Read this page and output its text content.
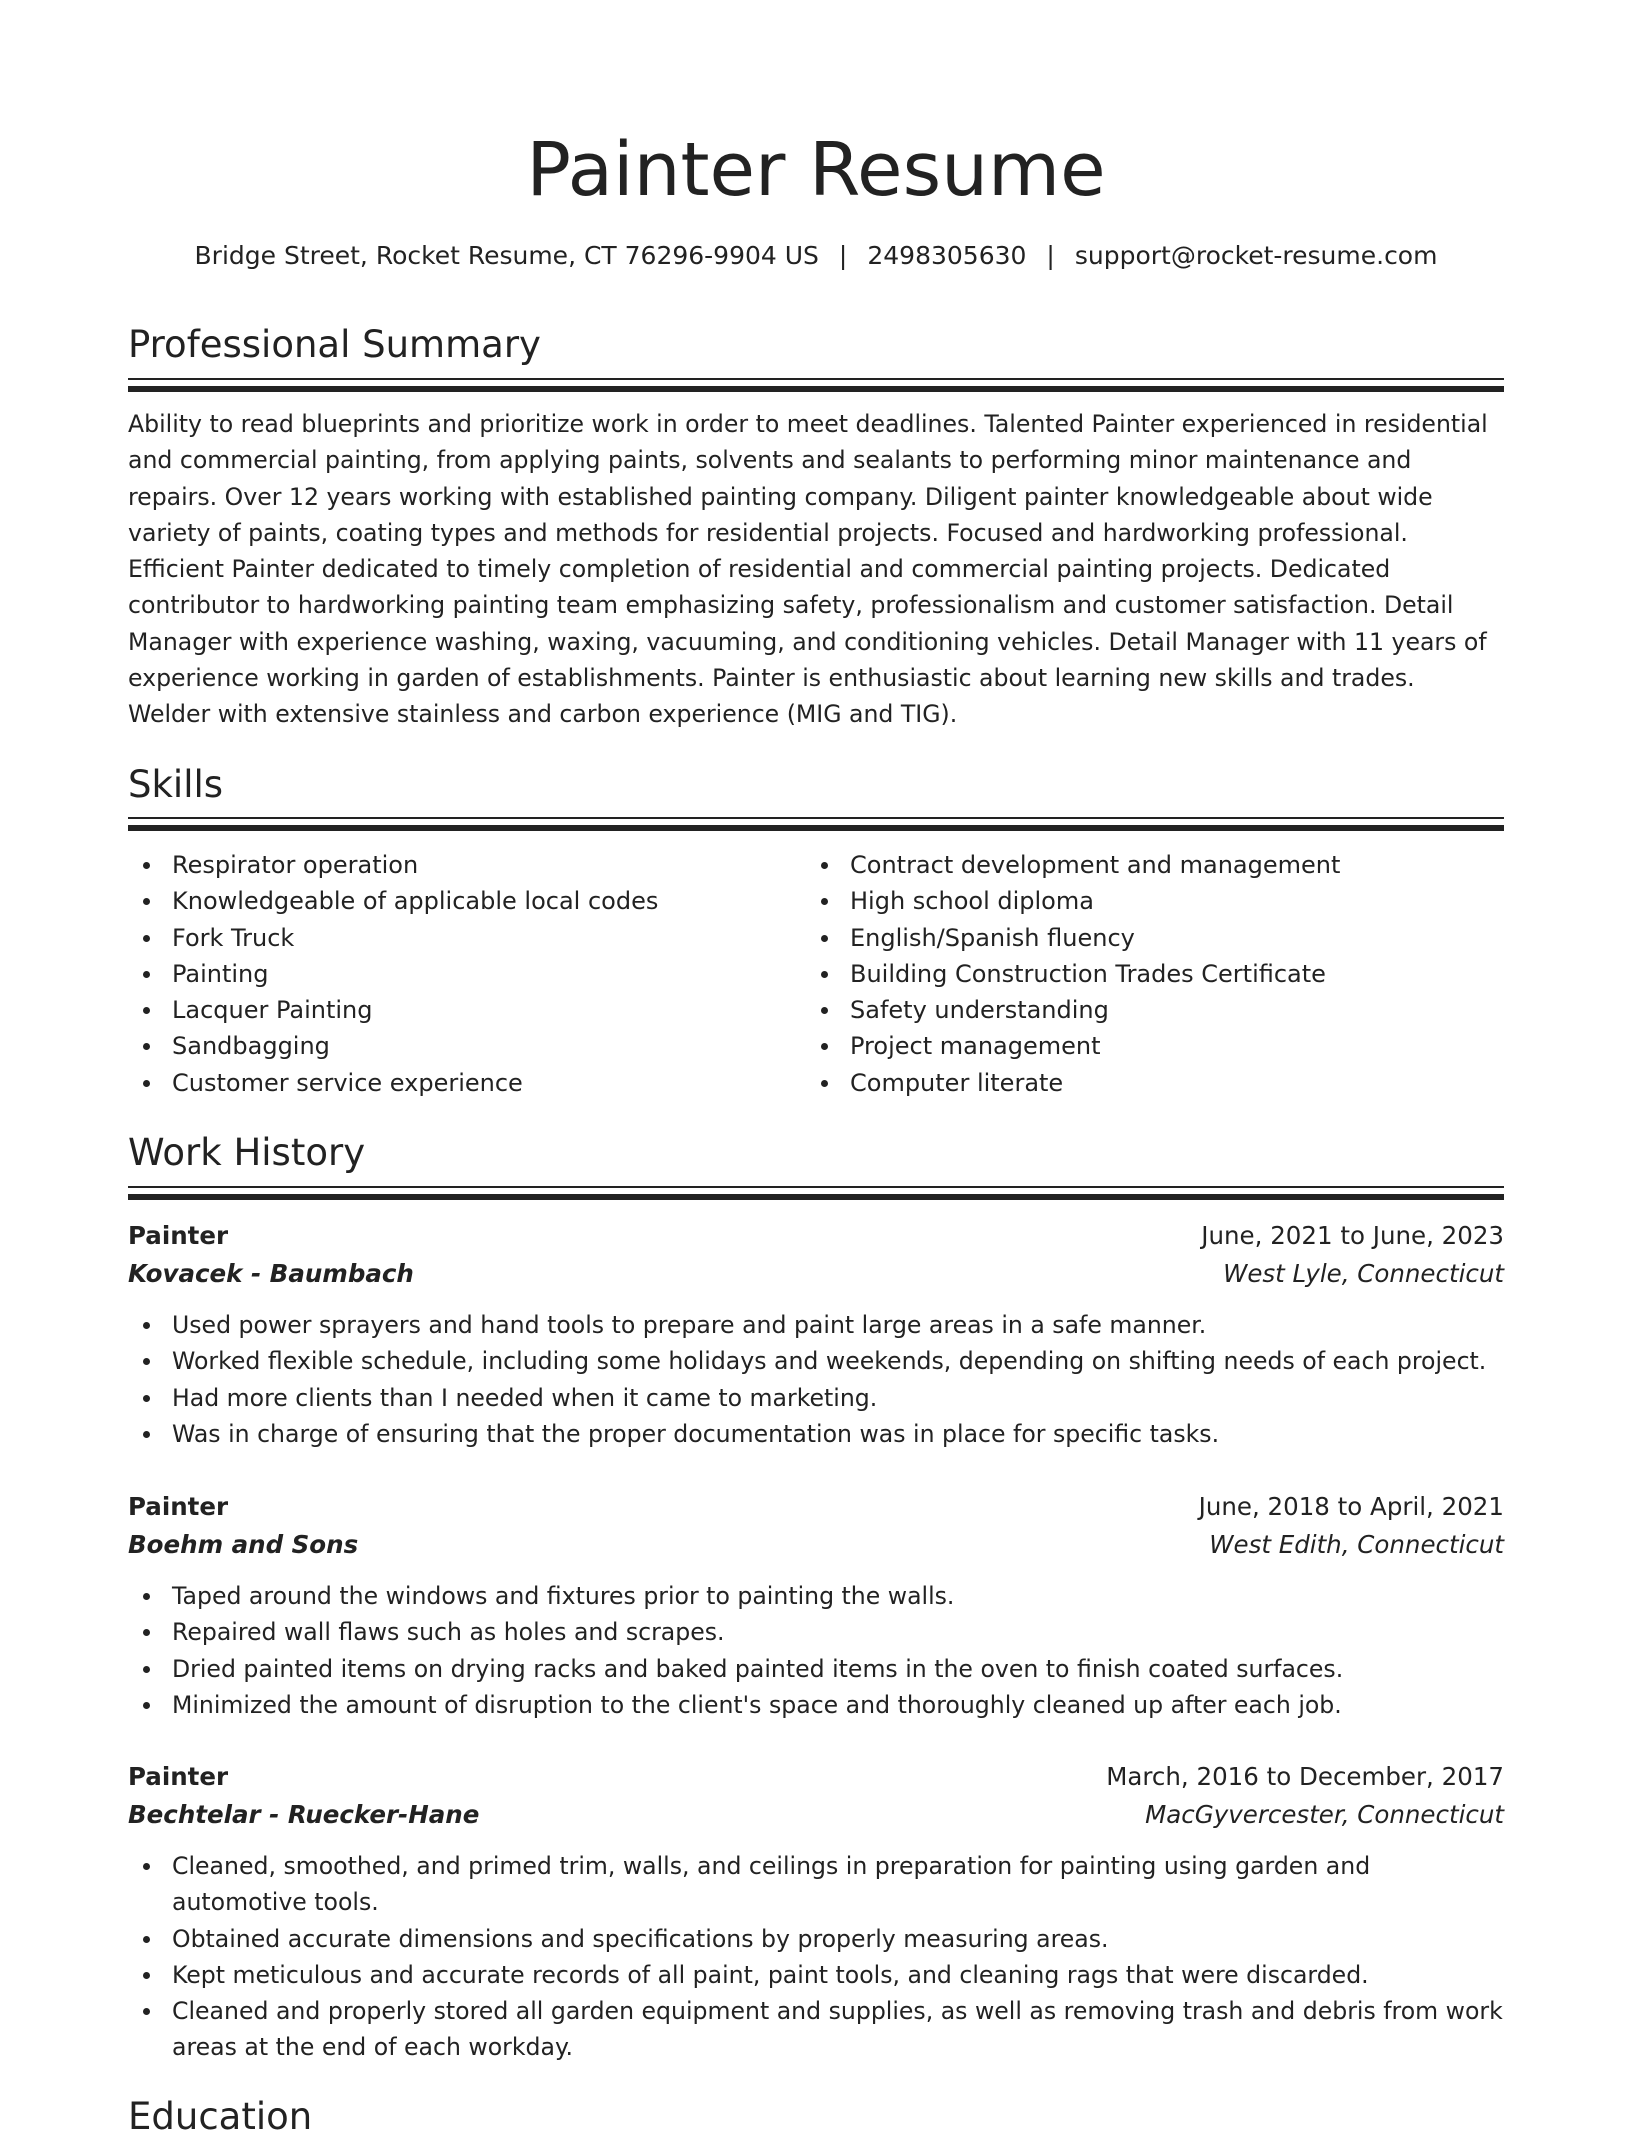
Painter Resume
Bridge Street, Rocket Resume, CT 76296-9904 US | 2498305630 | support@rocket-resume.com
Professional Summary

Ability to read blueprints and prioritize work in order to meet deadlines. Talented Painter experienced in residential and commercial painting, from applying paints, solvents and sealants to performing minor maintenance and repairs. Over 12 years working with established painting company. Diligent painter knowledgeable about wide variety of paints, coating types and methods for residential projects. Focused and hardworking professional. Efficient Painter dedicated to timely completion of residential and commercial painting projects. Dedicated contributor to hardworking painting team emphasizing safety, professionalism and customer satisfaction. Detail Manager with experience washing, waxing, vacuuming, and conditioning vehicles. Detail Manager with 11 years of experience working in garden of establishments. Painter is enthusiastic about learning new skills and trades. Welder with extensive stainless and carbon experience (MIG and TIG).

Skills
Respirator operation
Knowledgeable of applicable local codes
Fork Truck
Painting
Lacquer Painting
Sandbagging
Customer service experience
Contract development and management
High school diploma
English/Spanish fluency
Building Construction Trades Certificate
Safety understanding
Project management
Computer literate
Work History
Painter	June, 2021 to June, 2023
Kovacek - Baumbach	West Lyle, Connecticut
Used power sprayers and hand tools to prepare and paint large areas in a safe manner.
Worked flexible schedule, including some holidays and weekends, depending on shifting needs of each project.
Had more clients than I needed when it came to marketing.
Was in charge of ensuring that the proper documentation was in place for specific tasks.
Painter	June, 2018 to April, 2021
Boehm and Sons	West Edith, Connecticut
Taped around the windows and fixtures prior to painting the walls.
Repaired wall flaws such as holes and scrapes.
Dried painted items on drying racks and baked painted items in the oven to finish coated surfaces.
Minimized the amount of disruption to the client's space and thoroughly cleaned up after each job.
Painter	March, 2016 to December, 2017
Bechtelar - Ruecker-Hane	MacGyvercester, Connecticut
Cleaned, smoothed, and primed trim, walls, and ceilings in preparation for painting using garden and automotive tools.
Obtained accurate dimensions and specifications by properly measuring areas.
Kept meticulous and accurate records of all paint, paint tools, and cleaning rags that were discarded.
Cleaned and properly stored all garden equipment and supplies, as well as removing trash and debris from work areas at the end of each workday.
Education
